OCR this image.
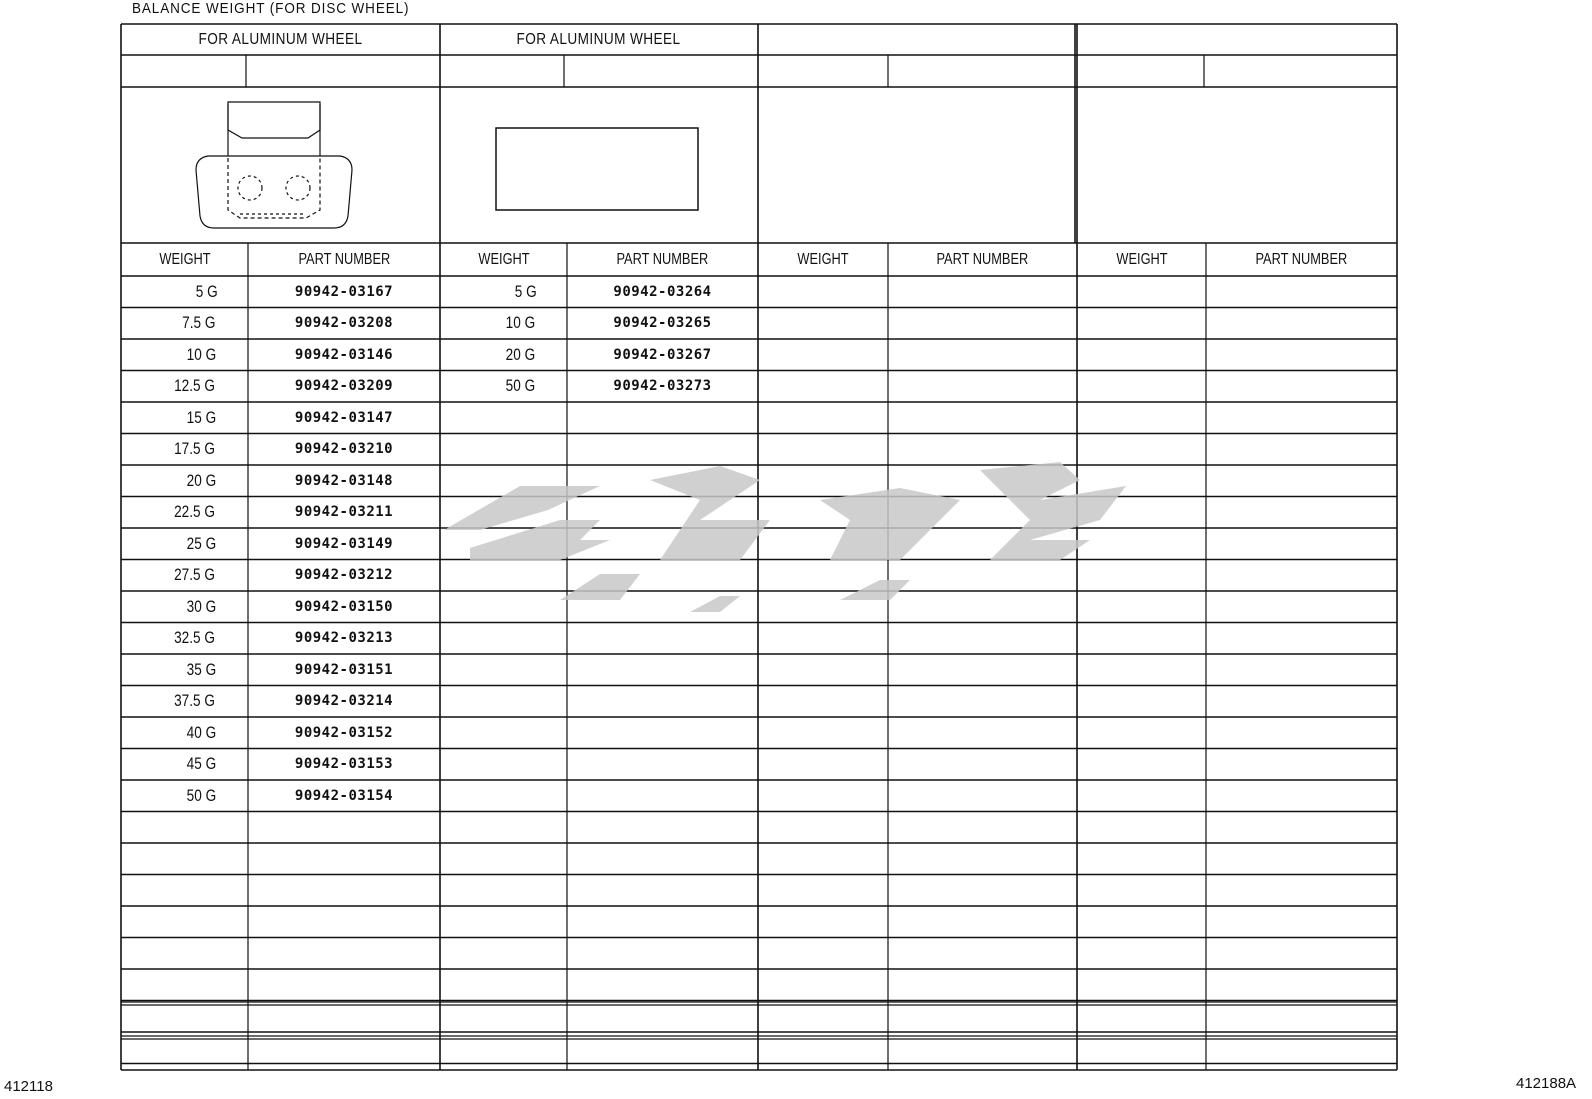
BALANCE WEIGHT (FOR DISC WHEEL)
FOR ALUMINUM WHEEL
WEIGHT	PART NUMBER
5 G	90942-03167
7.5 G	90942-03208
10 G	90942-03146
12.5 G	90942-03209
15 G	90942-03147
17.5 G	90942-03210
20 G	90942-03148
22.5 G	90942-03211
25 G	90942-03149
27.5 G	90942-03212
30 G	90942-03150
32.5 G	90942-03213
35 G	90942-03151
37.5 G	90942-03214
40 G	90942-03152
45 G	90942-03153
50 G	90942-03154
FOR ALUMINUM WHEEL
WEIGHT	PART NUMBER
5 G	90942-03264
10 G	90942-03265
20 G	90942-03267
50 G	90942-03273
WEIGHT	PART NUMBER	WEIGHT	PART NUMBER
412118	412188A
